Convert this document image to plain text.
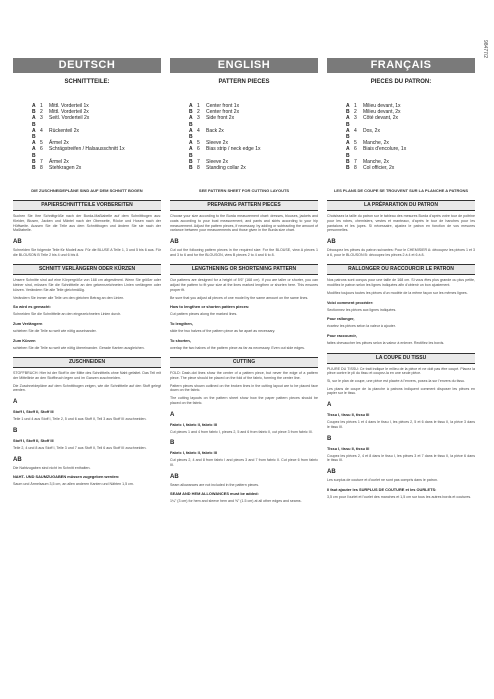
98477/2
DEUTSCH
SCHNITTTEILE:
A 1	Mittl. Vorderteil 1x
B 2	Mittl. Vorderteil 2x
A B
3	Seitl. Vorderteil 2x
A B
4	Rückenteil 2x
A 5	Ärmel 2x
A B
6	Schrägstreifen / Halsausschnitt 1x
B 7	Ärmel 2x
B 8	Stehkragen 2x
DIE ZUSCHNEIDEPLÄNE SIND AUF DEM SCHNITT BOGEN
PAPIERSCHNITTTEILE VORBEREITEN
Suchen Sie Ihre Schnittgröße nach der Burda-Maßtabelle auf dem Schnittbogen aus: Kleider, Blusen, Jacken und Mäntel nach der Oberweite, Röcke und Hosen nach der Hüftweite. Aussen Sie die Teile aus dem Schnittbogen und ändern Sie sie nach der Maßtabelle.
AB
Schneiden Sie folgende Teile für Modell aus: Für die BLUSE A Teile 1, 3 und 5 bis 6 aus. Für die BLOUSON B Teile 2 bis 4 und 6 bis 8.
SCHNITT VERLÄNGERN ODER KÜRZEN
Unsere Schnitte sind auf eine Körpergröße von 168 cm abgestimmt. Wenn Sie größer oder kleiner sind, müssen Sie die Schnittteile an den gekennzeichneten Linien verlängern oder kürzen. Verändern Sie alle Teile gleichmäßig.
Verändern Sie immer alle Teile um den gleichen Betrag an den Linien.
So wird es gemacht:
Schneiden Sie die Schnittteile an den eingezeichneten Linien durch.
Zum Verlängern
schieben Sie die Teile so weit wie nötig auseinander.
Zum Kürzen
schieben Sie die Teile so weit wie nötig übereinander. Gerade Kanten ausgleichen.
ZUSCHNEIDEN
STOFFBRUCH: Hier ist der Stoff in der Mitte des Schnittteils ohne Naht gefaltet. Das Teil mit der Mittellinie an den Stoffbruch legen und im Ganzen zuschneiden.
Die Zuschneidepläne auf dem Schnittbogen zeigen, wie die Schnittteile auf den Stoff gelegt werden.
A
Stoff I, Stoff II, Stoff III
Teile 1 und 4 aus Stoff I, Teile 2, 5 und 6 aus Stoff II, Teil 3 aus Stoff III zuschneiden.
B
Stoff I, Stoff II, Stoff III
Teile 2, 4 und 8 aus Stoff I, Teile 3 und 7 aus Stoff II, Teil 6 aus Stoff III zuschneiden.
AB
Die Nahtzugaben sind nicht im Schnitt enthalten.
NAHT- UND SAUMZUGABEN müssen zugegeben werden:
Saum und Ärmelsaum 3,5 cm, an allen anderen Kanten und Nähten 1,5 cm.
ENGLISH
PATTERN PIECES
A 1	Center front 1x
B 2	Center front 2x
A B
3	Side front 2x
A B
4	Back 2x
A 5	Sleeve 2x
A B
6	Bias strip / neck edge 1x
B 7	Sleeve 2x
B 8	Standing collar 2x
SEE PATTERN SHEET FOR CUTTING LAYOUTS
PREPARING PATTERN PIECES
Choose your size according to the Burda measurement chart: dresses, blouses, jackets and coats according to your bust measurement, and pants and skirts according to your hip measurement. Adjust the pattern pieces, if necessary, by adding or subtracting the amount of variance between your measurements and those given in the Burda size chart.
AB
Cut out the following pattern pieces in the required size: For the BLOUSE, view A pieces 1 and 3 to 6 and for the BLOUSON, view B pieces 2 to 4 and 6 to 8.
LENGTHENING OR SHORTENING PATTERN
Our patterns are designed for a height of 5'6" (168 cm). If you are taller or shorter, you can adjust the pattern to fit your size at the lines marked lengthen or shorten here. This ensures proper fit.
Be sure that you adjust all pieces of one model by the same amount on the same lines.
How to lengthen or shorten pattern pieces:
Cut pattern pieces along the marked lines.
To lengthen,
slide the two halves of the pattern piece as far apart as necessary.
To shorten,
overlap the two halves of the pattern piece as far as necessary. Even out side edges.
CUTTING
FOLD: Dash-dot lines show the center of a pattern piece, but never the edge of a pattern piece. The piece should be placed on the fold of the fabric, forming the center line.
Pattern pieces shown outlined on the broken lines in the cutting layout are to be placed face down on the fabric.
The cutting layouts on the pattern sheet show how the paper pattern pieces should be placed on the fabric.
A
Fabric I, fabric II, fabric III
Cut pieces 1 and 4 from fabric I, pieces 2, 5 and 6 from fabric II, cut piece 3 from fabric III.
B
Fabric I, fabric II, fabric III
Cut pieces 2, 4 and 8 from fabric I and pieces 3 and 7 from fabric II. Cut piece 6 from fabric III.
AB
Seam allowances are not included in the pattern pieces.
SEAM AND HEM ALLOWANCES must be added:
1¼" (3 cm) for hem and sleeve hem and ⅝" (1.5 cm) at all other edges and seams.
FRANÇAIS
PIECES DU PATRON:
A 1	Milieu devant, 1x
B 2	Milieu devant, 2x
A B
3	Côté devant, 2x
A B
4	Dos, 2x
A 5	Manche, 2x
A B
6	Biais d'encolure, 1x
B 7	Manche, 2x
B 8	Col officier, 2x
LES PLANS DE COUPE SE TROUVENT SUR LA PLANCHE A PATRONS
LA PRÉPARATION DU PATRON
Choisissez la taille du patron sur le tableau des mesures Burda d'après votre tour de poitrine pour les robes, chemisiers, vestes et manteaux, d'après le tour de hanches pour les pantalons et les jupes. Si nécessaire, ajustez le patron en fonction de vos mesures personnelles.
AB
Découpez les pièces du patron suivantes: Pour le CHEMISIER A: découpez les pièces 1 et 3 à 6, pour le BLOUSON B: découpez les pièces 2 à 4 et 6 à 8.
RALLONGER OU RACCOURCIR LE PATRON
Nos patrons sont conçus pour une taille de 168 cm. Si vous êtes plus grande ou plus petite, modifiez le patron selon les lignes indiquées afin d'obtenir un bon ajustement.
Modifiez toujours toutes les pièces d'un modèle de la même façon sur les mêmes lignes.
Voici comment procéder:
Sectionnez les pièces aux lignes indiquées.
Pour rallonger,
écartez les pièces selon la valeur à ajouter.
Pour raccourcir,
faites chevaucher les pièces selon la valeur à enlever. Rectifiez les bords.
LA COUPE DU TISSU
PLIURE DU TISSU: Ce trait indique le milieu de la pièce et ne doit pas être coupé. Placez la pièce contre le pli du tissu et coupez-la en une seule pièce.
Si, sur le plan de coupe, une pièce est placée à l'envers, posez-la sur l'envers du tissu.
Les plans de coupe de la planche à patrons indiquent comment disposer les pièces en papier sur le tissu.
A
Tissu I, tissu II, tissu III
Coupez les pièces 1 et 4 dans le tissu I, les pièces 2, 5 et 6 dans le tissu II, la pièce 3 dans le tissu III.
B
Tissu I, tissu II, tissu III
Coupez les pièces 2, 4 et 8 dans le tissu I, les pièces 3 et 7 dans le tissu II, la pièce 6 dans le tissu III.
AB
Les surplus de couture et d'ourlet ne sont pas compris dans le patron.
Il faut ajouter les SURPLUS DE COUTURE et les OURLETS:
3,5 cm pour l'ourlet et l'ourlet des manches et 1,5 cm sur tous les autres bords et coutures.
